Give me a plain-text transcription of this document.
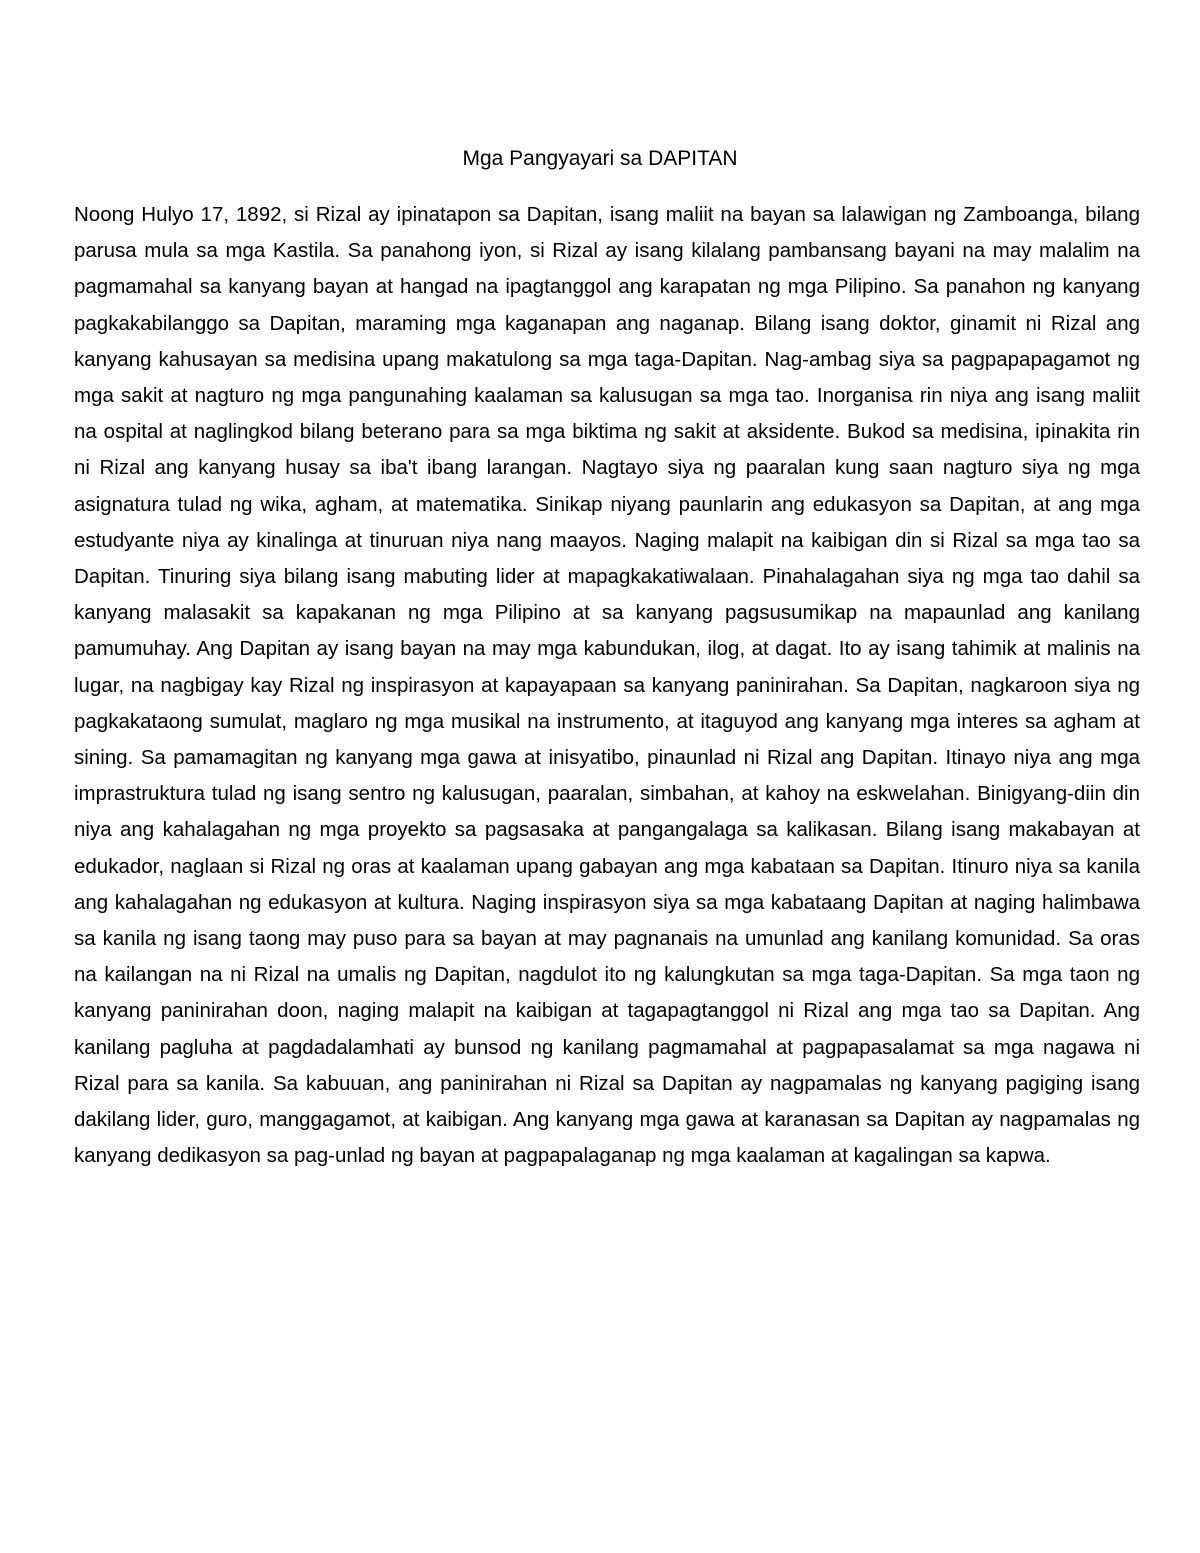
Mga Pangyayari sa DAPITAN

Noong Hulyo 17, 1892, si Rizal ay ipinatapon sa Dapitan, isang maliit na bayan sa lalawigan ng Zamboanga, bilang parusa mula sa mga Kastila. Sa panahong iyon, si Rizal ay isang kilalang pambansang bayani na may malalim na pagmamahal sa kanyang bayan at hangad na ipagtanggol ang karapatan ng mga Pilipino. Sa panahon ng kanyang pagkakabilanggo sa Dapitan, maraming mga kaganapan ang naganap. Bilang isang doktor, ginamit ni Rizal ang kanyang kahusayan sa medisina upang makatulong sa mga taga-Dapitan. Nag-ambag siya sa pagpapapagamot ng mga sakit at nagturo ng mga pangunahing kaalaman sa kalusugan sa mga tao. Inorganisa rin niya ang isang maliit na ospital at naglingkod bilang beterano para sa mga biktima ng sakit at aksidente. Bukod sa medisina, ipinakita rin ni Rizal ang kanyang husay sa iba't ibang larangan. Nagtayo siya ng paaralan kung saan nagturo siya ng mga asignatura tulad ng wika, agham, at matematika. Sinikap niyang paunlarin ang edukasyon sa Dapitan, at ang mga estudyante niya ay kinalinga at tinuruan niya nang maayos. Naging malapit na kaibigan din si Rizal sa mga tao sa Dapitan. Tinuring siya bilang isang mabuting lider at mapagkakatiwalaan. Pinahalagahan siya ng mga tao dahil sa kanyang malasakit sa kapakanan ng mga Pilipino at sa kanyang pagsusumikap na mapaunlad ang kanilang pamumuhay. Ang Dapitan ay isang bayan na may mga kabundukan, ilog, at dagat. Ito ay isang tahimik at malinis na lugar, na nagbigay kay Rizal ng inspirasyon at kapayapaan sa kanyang paninirahan. Sa Dapitan, nagkaroon siya ng pagkakataong sumulat, maglaro ng mga musikal na instrumento, at itaguyod ang kanyang mga interes sa agham at sining. Sa pamamagitan ng kanyang mga gawa at inisyatibo, pinaunlad ni Rizal ang Dapitan. Itinayo niya ang mga imprastruktura tulad ng isang sentro ng kalusugan, paaralan, simbahan, at kahoy na eskwelahan. Binigyang-diin din niya ang kahalagahan ng mga proyekto sa pagsasaka at pangangalaga sa kalikasan. Bilang isang makabayan at edukador, naglaan si Rizal ng oras at kaalaman upang gabayan ang mga kabataan sa Dapitan. Itinuro niya sa kanila ang kahalagahan ng edukasyon at kultura. Naging inspirasyon siya sa mga kabataang Dapitan at naging halimbawa sa kanila ng isang taong may puso para sa bayan at may pagnanais na umunlad ang kanilang komunidad. Sa oras na kailangan na ni Rizal na umalis ng Dapitan, nagdulot ito ng kalungkutan sa mga taga-Dapitan. Sa mga taon ng kanyang paninirahan doon, naging malapit na kaibigan at tagapagtanggol ni Rizal ang mga tao sa Dapitan. Ang kanilang pagluha at pagdadalamhati ay bunsod ng kanilang pagmamahal at pagpapasalamat sa mga nagawa ni Rizal para sa kanila. Sa kabuuan, ang paninirahan ni Rizal sa Dapitan ay nagpamalas ng kanyang pagiging isang dakilang lider, guro, manggagamot, at kaibigan. Ang kanyang mga gawa at karanasan sa Dapitan ay nagpamalas ng kanyang dedikasyon sa pag-unlad ng bayan at pagpapalaganap ng mga kaalaman at kagalingan sa kapwa.
